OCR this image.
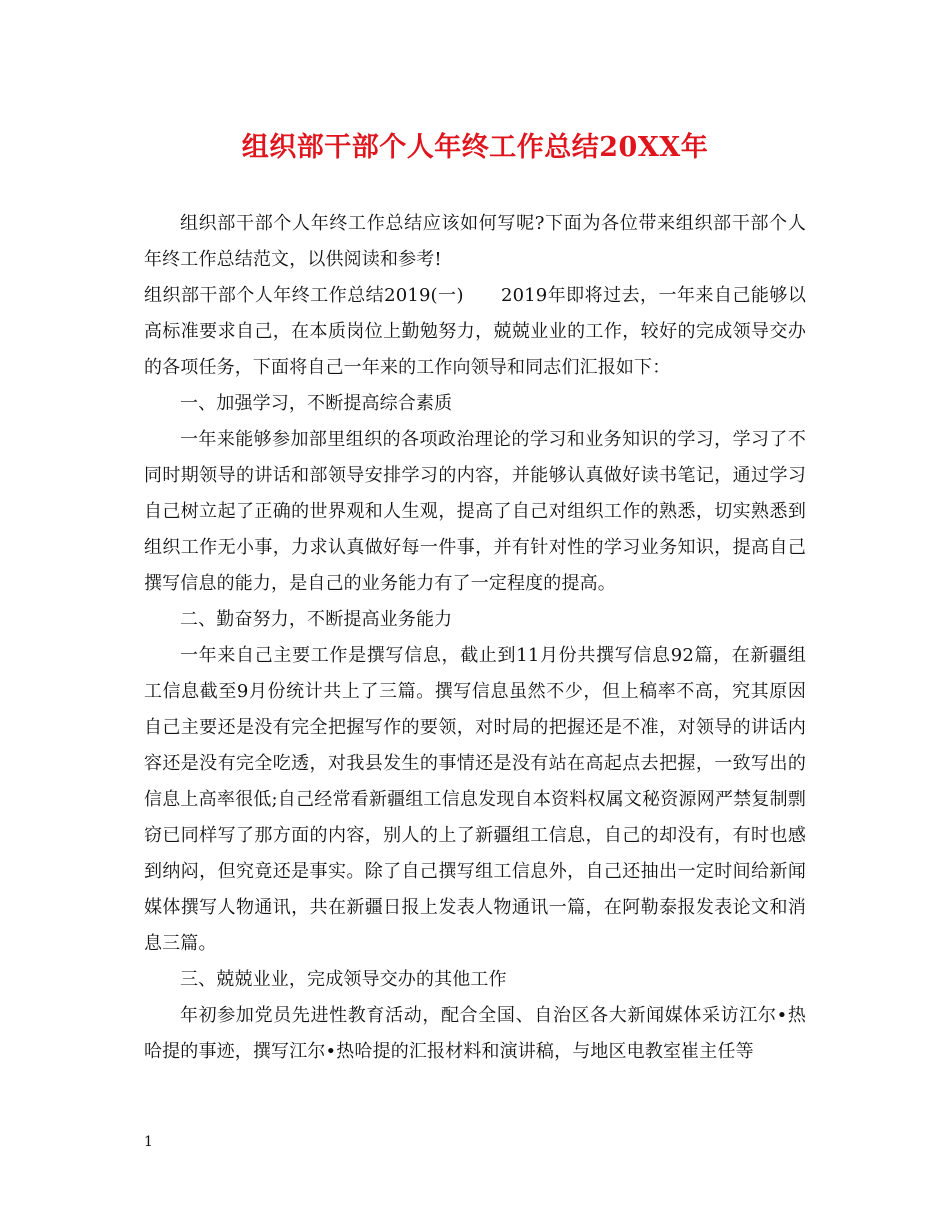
组织部干部个人年终工作总结20XX年

组织部干部个人年终工作总结应该如何写呢?下面为各位带来组织部干部个人年终工作总结范文，以供阅读和参考!

组织部干部个人年终工作总结2019(一)　　2019年即将过去，一年来自己能够以高标准要求自己，在本质岗位上勤勉努力，兢兢业业的工作，较好的完成领导交办的各项任务，下面将自己一年来的工作向领导和同志们汇报如下：

一、加强学习，不断提高综合素质

一年来能够参加部里组织的各项政治理论的学习和业务知识的学习，学习了不同时期领导的讲话和部领导安排学习的内容，并能够认真做好读书笔记，通过学习自己树立起了正确的世界观和人生观，提高了自己对组织工作的熟悉，切实熟悉到组织工作无小事，力求认真做好每一件事，并有针对性的学习业务知识，提高自己撰写信息的能力，是自己的业务能力有了一定程度的提高。

二、勤奋努力，不断提高业务能力

一年来自己主要工作是撰写信息，截止到11月份共撰写信息92篇，在新疆组工信息截至9月份统计共上了三篇。撰写信息虽然不少，但上稿率不高，究其原因自己主要还是没有完全把握写作的要领，对时局的把握还是不准，对领导的讲话内容还是没有完全吃透，对我县发生的事情还是没有站在高起点去把握，一致写出的信息上高率很低;自己经常看新疆组工信息发现自本资料权属文秘资源网严禁复制剽窃已同样写了那方面的内容，别人的上了新疆组工信息，自己的却没有，有时也感到纳闷，但究竟还是事实。除了自己撰写组工信息外，自己还抽出一定时间给新闻媒体撰写人物通讯，共在新疆日报上发表人物通讯一篇，在阿勒泰报发表论文和消息三篇。

三、兢兢业业，完成领导交办的其他工作

年初参加党员先进性教育活动，配合全国、自治区各大新闻媒体采访江尔•热哈提的事迹，撰写江尔•热哈提的汇报材料和演讲稿，与地区电教室崔主任等

1
